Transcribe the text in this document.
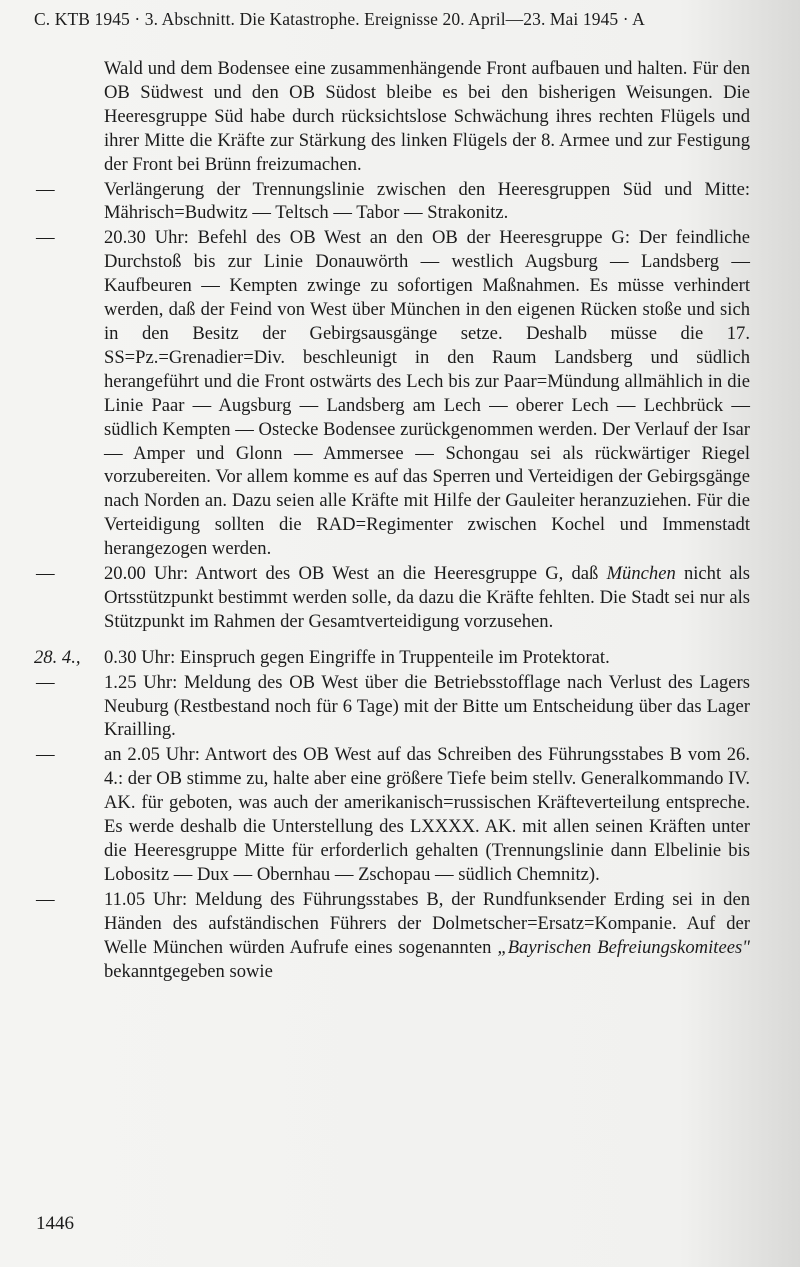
C. KTB 1945 · 3. Abschnitt. Die Katastrophe. Ereignisse 20. April—23. Mai 1945 · A
Wald und dem Bodensee eine zusammenhängende Front aufbauen und halten. Für den OB Südwest und den OB Südost bleibe es bei den bisherigen Weisungen. Die Heeresgruppe Süd habe durch rücksichtslose Schwächung ihres rechten Flügels und ihrer Mitte die Kräfte zur Stärkung des linken Flügels der 8. Armee und zur Festigung der Front bei Brünn freizumachen.
—	Verlängerung der Trennungslinie zwischen den Heeresgruppen Süd und Mitte: Mährisch=Budwitz — Teltsch — Tabor — Strakonitz.
—	20.30 Uhr: Befehl des OB West an den OB der Heeresgruppe G: Der feindliche Durchstoß bis zur Linie Donauwörth — westlich Augsburg — Landsberg — Kaufbeuren — Kempten zwinge zu sofortigen Maßnahmen. Es müsse verhindert werden, daß der Feind von West über München in den eigenen Rücken stoße und sich in den Besitz der Gebirgsausgänge setze. Deshalb müsse die 17. SS=Pz.=Grenadier=Div. beschleunigt in den Raum Landsberg und südlich herangeführt und die Front ostwärts des Lech bis zur Paar=Mündung allmählich in die Linie Paar — Augsburg — Landsberg am Lech — oberer Lech — Lechbrück — südlich Kempten — Ostecke Bodensee zurückgenommen werden. Der Verlauf der Isar — Amper und Glonn — Ammersee — Schongau sei als rückwärtiger Riegel vorzubereiten. Vor allem komme es auf das Sperren und Verteidigen der Gebirgsgänge nach Norden an. Dazu seien alle Kräfte mit Hilfe der Gauleiter heranzuziehen. Für die Verteidigung sollten die RAD=Regimenter zwischen Kochel und Immenstadt herangezogen werden.
—	20.00 Uhr: Antwort des OB West an die Heeresgruppe G, daß München nicht als Ortsstützpunkt bestimmt werden solle, da dazu die Kräfte fehlten. Die Stadt sei nur als Stützpunkt im Rahmen der Gesamtverteidigung vorzusehen.
28. 4.,	0.30 Uhr: Einspruch gegen Eingriffe in Truppenteile im Protektorat.
—	1.25 Uhr: Meldung des OB West über die Betriebsstofflage nach Verlust des Lagers Neuburg (Restbestand noch für 6 Tage) mit der Bitte um Entscheidung über das Lager Krailling.
—	an 2.05 Uhr: Antwort des OB West auf das Schreiben des Führungsstabes B vom 26. 4.: der OB stimme zu, halte aber eine größere Tiefe beim stellv. Generalkommando IV. AK. für geboten, was auch der amerikanisch=russischen Kräfteverteilung entspreche. Es werde deshalb die Unterstellung des LXXXX. AK. mit allen seinen Kräften unter die Heeresgruppe Mitte für erforderlich gehalten (Trennungslinie dann Elbelinie bis Lobositz — Dux — Obernhau — Zschopau — südlich Chemnitz).
—	11.05 Uhr: Meldung des Führungsstabes B, der Rundfunksender Erding sei in den Händen des aufständischen Führers der Dolmetscher=Ersatz=Kompanie. Auf der Welle München würden Aufrufe eines sogenannten „Bayrischen Befreiungskomitees" bekanntgegeben sowie
1446
